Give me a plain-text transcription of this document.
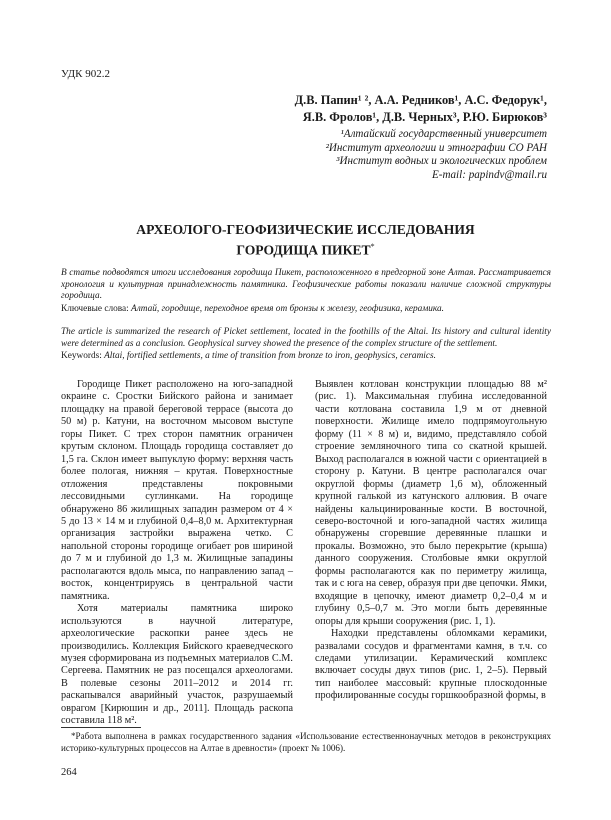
УДК 902.2
Д.В. Папин¹ ², А.А. Редников¹, А.С. Федорук¹,
Я.В. Фролов¹, Д.В. Черных³, Р.Ю. Бирюков³
¹Алтайский государственный университет
²Институт археологии и этнографии СО РАН
³Институт водных и экологических проблем
E-mail: papindv@mail.ru
АРХЕОЛОГО-ГЕОФИЗИЧЕСКИЕ ИССЛЕДОВАНИЯ
ГОРОДИЩА ПИКЕТ*
В статье подводятся итоги исследования городища Пикет, расположенного в предгорной зоне Алтая. Рассматривается хронология и культурная принадлежность памятника. Геофизические работы показали наличие сложной структуры городища.
Ключевые слова: Алтай, городище, переходное время от бронзы к железу, геофизика, керамика.
The article is summarized the research of Picket settlement, located in the foothills of the Altai. Its history and cultural identity were determined as a conclusion. Geophysical survey showed the presence of the complex structure of the settlement.
Keywords: Altai, fortified settlements, a time of transition from bronze to iron, geophysics, ceramics.

Городище Пикет расположено на юго-западной окраине с. Сростки Бийского района и занимает площадку на правой береговой террасе (высота до 50 м) р. Катуни, на восточном мысовом выступе горы Пикет. С трех сторон памятник ограничен крутым склоном. Площадь городища составляет до 1,5 га. Склон имеет выпуклую форму: верхняя часть более пологая, нижняя – крутая. Поверхностные отложения представлены покровными лессовидными суглинками. На городище обнаружено 86 жилищных западин размером от 4 × 5 до 13 × 14 м и глубиной 0,4–8,0 м. Архитектурная организация застройки выражена четко. С напольной стороны городище огибает ров шириной до 7 м и глубиной до 1,3 м. Жилищные западины располагаются вдоль мыса, по направлению запад – восток, концентрируясь в центральной части памятника.

Хотя материалы памятника широко используются в научной литературе, археологические раскопки ранее здесь не производились. Коллекция Бийского краеведческого музея сформирована из подъемных материалов С.М. Сергеева. Памятник не раз посещался археологами. В полевые сезоны 2011–2012 и 2014 гг. раскапывался аварийный участок, разрушаемый оврагом [Кирюшин и др., 2011]. Площадь раскопа составила 118 м².

Выявлен котлован конструкции площадью 88 м² (рис. 1). Максимальная глубина исследованной части котлована составила 1,9 м от дневной поверхности. Жилище имело подпрямоугольную форму (11 × 8 м) и, видимо, представляло собой строение земляночного типа со скатной крышей. Выход располагался в южной части с ориентацией в сторону р. Катуни. В центре располагался очаг округлой формы (диаметр 1,6 м), обложенный крупной галькой из катунского аллювия. В очаге найдены кальцинированные кости. В восточной, северо-восточной и юго-западной частях жилища обнаружены сгоревшие деревянные плашки и прокалы. Возможно, это было перекрытие (крыша) данного сооружения. Столбовые ямки округлой формы располагаются как по периметру жилища, так и с юга на север, образуя при две цепочки. Ямки, входящие в цепочку, имеют диаметр 0,2–0,4 м и глубину 0,5–0,7 м. Это могли быть деревянные опоры для крыши сооружения (рис. 1, 1).

Находки представлены обломками керамики, развалами сосудов и фрагментами камня, в т.ч. со следами утилизации. Керамический комплекс включает сосуды двух типов (рис. 1, 2–5). Первый тип наиболее массовый: крупные плоскодонные профилированные сосуды горшкообразной формы, в

*Работа выполнена в рамках государственного задания «Использование естественнонаучных методов в реконструкциях историко-культурных процессов на Алтае в древности» (проект № 1006).

264
